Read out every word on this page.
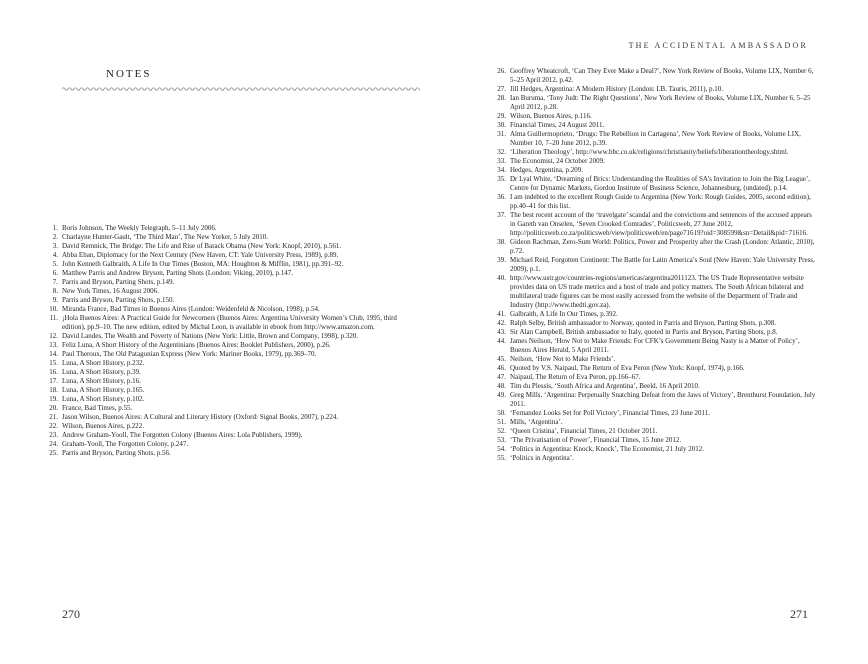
NOTES
1. Boris Johnson, The Weekly Telegraph, 5–11 July 2006.
2. Charlayne Hunter-Gault, ‘The Third Man’, The New Yorker, 5 July 2010.
3. David Remnick, The Bridge: The Life and Rise of Barack Obama (New York: Knopf, 2010), p.561.
4. Abba Eban, Diplomacy for the Next Century (New Haven, CT: Yale University Press, 1989), p.89.
5. John Kenneth Galbraith, A Life In Our Times (Boston, MA: Houghton & Mifflin, 1981), pp.391–92.
6. Matthew Parris and Andrew Bryson, Parting Shots (London: Viking, 2010), p.147.
7. Parris and Bryson, Parting Shots, p.149.
8. New York Times, 16 August 2006.
9. Parris and Bryson, Parting Shots, p.150.
10. Miranda France, Bad Times in Buenos Aires (London: Weidenfeld & Nicolson, 1998), p.54.
11. ¡Hola Buenos Aires: A Practical Guide for Newcomers (Buenos Aires: Argentina University Women’s Club, 1995, third edition), pp.9–10. The new edition, edited by Michal Leon, is available in ebook from http://www.amazon.com.
12. David Landes, The Wealth and Poverty of Nations (New York: Little, Brown and Company, 1998), p.320.
13. Feliz Luna, A Short History of the Argentinians (Buenos Aires: Booklet Publishers, 2000), p.26.
14. Paul Theroux, The Old Patagonian Express (New York: Mariner Books, 1979), pp.369–70.
15. Luna, A Short History, p.232.
16. Luna, A Short History, p.39.
17. Luna, A Short History, p.16.
18. Luna, A Short History, p.165.
19. Luna, A Short History, p.102.
20. France, Bad Times, p.55.
21. Jason Wilson, Buenos Aires: A Cultural and Literary History (Oxford: Signal Books, 2007), p.224.
22. Wilson, Buenos Aires, p.222.
23. Andrew Graham-Yooll, The Forgotten Colony (Buenos Aires: Lola Publishers, 1999).
24. Graham-Yooll, The Forgotten Colony, p.247.
25. Parris and Bryson, Parting Shots, p.56.
270
THE ACCIDENTAL AMBASSADOR
271
26. Geoffrey Wheatcroft, ‘Can They Ever Make a Deal?’, New York Review of Books, Volume LIX, Number 6, 5–25 April 2012, p.42.
27. Jill Hedges, Argentina: A Modern History (London: I.B. Tauris, 2011), p.10.
28. Ian Buruma, ‘Tony Judt: The Right Questions’, New York Review of Books, Volume LIX, Number 6, 5–25 April 2012, p.28.
29. Wilson, Buenos Aires, p.116.
30. Financial Times, 24 August 2011.
31. Alma Guillermoprieto, ‘Drugs: The Rebellion in Cartagena’, New York Review of Books, Volume LIX, Number 10, 7–20 June 2012, p.39.
32. ‘Liberation Theology’, http://www.bbc.co.uk/religions/christianity/beliefs/liberationtheology.shtml.
33. The Economist, 24 October 2009.
34. Hedges, Argentina, p.209.
35. Dr Lyal White, ‘Dreaming of Brics: Understanding the Realities of SA’s Invitation to Join the Big League’, Centre for Dynamic Markets, Gordon Institute of Business Science, Johannesburg, (undated), p.14.
36. I am indebted to the excellent Rough Guide to Argentina (New York: Rough Guides, 2005, second edition), pp.40–41 for this list.
37. The best recent account of the ‘travelgate’ scandal and the convictions and sentences of the accused appears in Gareth van Onselen, ‘Seven Crooked Comrades’, Politicsweb, 27 June 2012, http://politicsweb.co.za/politicsweb/view/politicsweb/en/page71619?oid=308599&sn=Detail&pid=71616.
38. Gideon Rachman, Zero-Sum World: Politics, Power and Prosperity after the Crash (London: Atlantic, 2010), p.72.
39. Michael Reid, Forgotten Continent: The Battle for Latin America’s Soul (New Haven: Yale University Press, 2009), p.1.
40. http://www.ustr.gov/countries-regions/americas/argentina2011123. The US Trade Representative website provides data on US trade metrics and a host of trade and policy matters. The South African bilateral and multilateral trade figures can be most easily accessed from the website of the Department of Trade and Industry (http://www.thedti.gov.za).
41. Galbraith, A Life In Our Times, p.392.
42. Ralph Selby, British ambassador to Norway, quoted in Parris and Bryson, Parting Shots, p.308.
43. Sir Alan Campbell, British ambassador to Italy, quoted in Parris and Bryson, Parting Shots, p.8.
44. James Neilson, ‘How Not to Make Friends: For CFK’s Government Being Nasty is a Matter of Policy’, Buenos Aires Herald, 5 April 2011.
45. Neilson, ‘How Not to Make Friends’.
46. Quoted by V.S. Naipaul, The Return of Eva Peron (New York: Knopf, 1974), p.166.
47. Naipaul, The Return of Eva Peron, pp.166–67.
48. Tim du Plessis, ‘South Africa and Argentina’, Beeld, 16 April 2010.
49. Greg Mills, ‘Argentina: Perpetually Snatching Defeat from the Jaws of Victory’, Brenthurst Foundation, July 2011.
50. ‘Fernandez Looks Set for Poll Victory’, Financial Times, 23 June 2011.
51. Mills, ‘Argentina’.
52. ‘Queen Cristina’, Financial Times, 21 October 2011.
53. ‘The Privatisation of Power’, Financial Times, 15 June 2012.
54. ‘Politics in Argentina: Knock, Knock’, The Economist, 21 July 2012.
55. ‘Politics in Argentina’.
